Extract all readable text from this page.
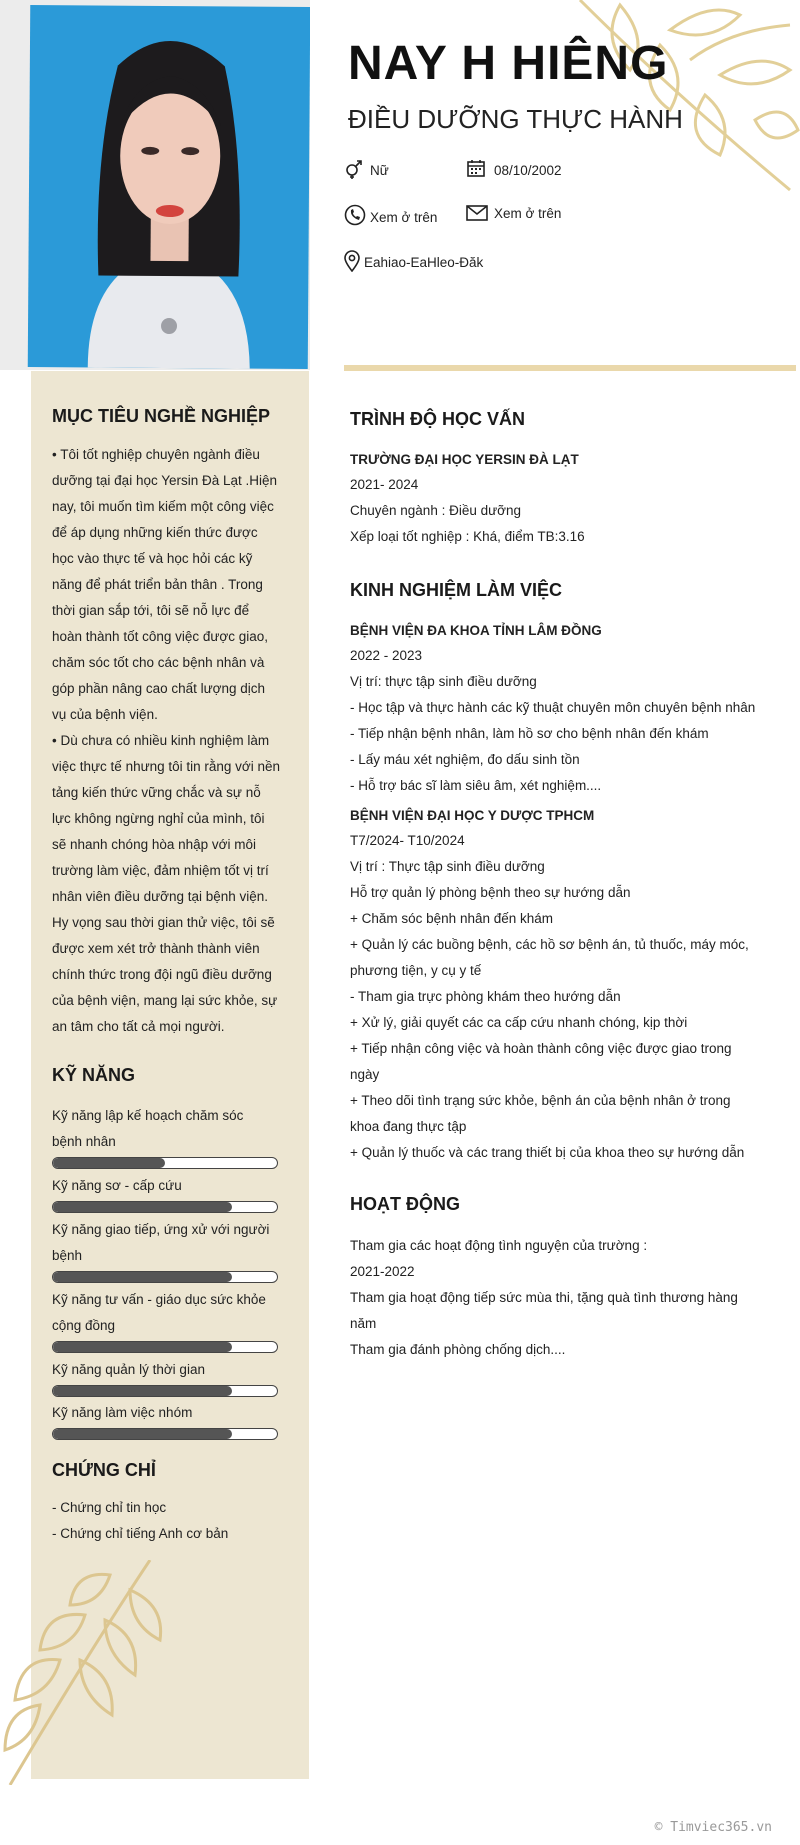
NAY H HIÊNG
ĐIỀU DƯỠNG THỰC HÀNH
Nữ	08/10/2002
Xem ở trên	Xem ở trên
Eahiao-EaHleo-Đăk
MỤC TIÊU NGHỀ NGHIỆP
• Tôi tốt nghiệp chuyên ngành điều
dưỡng tại đại học Yersin Đà Lạt .Hiện
nay, tôi muốn tìm kiếm một công việc
để áp dụng những kiến thức được
học vào thực tế và học hỏi các kỹ
năng để phát triển bản thân . Trong
thời gian sắp tới, tôi sẽ nỗ lực để
hoàn thành tốt công việc được giao,
chăm sóc tốt cho các bệnh nhân và
góp phần nâng cao chất lượng dịch
vụ của bệnh viện.
• Dù chưa có nhiều kinh nghiệm làm
việc thực tế nhưng tôi tin rằng với nền
tảng kiến thức vững chắc và sự nỗ
lực không ngừng nghỉ của mình, tôi
sẽ nhanh chóng hòa nhập với môi
trường làm việc, đảm nhiệm tốt vị trí
nhân viên điều dưỡng tại bệnh viện.
Hy vọng sau thời gian thử việc, tôi sẽ
được xem xét trở thành thành viên
chính thức trong đội ngũ điều dưỡng
của bệnh viện, mang lại sức khỏe, sự
an tâm cho tất cả mọi người.
KỸ NĂNG
Kỹ năng lập kế hoạch chăm sóc
bệnh nhân
Kỹ năng sơ - cấp cứu
Kỹ năng giao tiếp, ứng xử với người
bệnh
Kỹ năng tư vấn - giáo dục sức khỏe
cộng đồng
Kỹ năng quản lý thời gian
Kỹ năng làm việc nhóm
CHỨNG CHỈ
- Chứng chỉ tin học
- Chứng chỉ tiếng Anh cơ bản
TRÌNH ĐỘ HỌC VẤN
TRƯỜNG ĐẠI HỌC YERSIN ĐÀ LẠT
2021- 2024
Chuyên ngành : Điều dưỡng
Xếp loại tốt nghiệp : Khá, điểm TB:3.16
KINH NGHIỆM LÀM VIỆC
BỆNH VIỆN ĐA KHOA TỈNH LÂM ĐỒNG
2022 - 2023
Vị trí: thực tập sinh điều dưỡng
- Học tập và thực hành các kỹ thuật chuyên môn chuyên bệnh nhân
- Tiếp nhận bệnh nhân, làm hồ sơ cho bệnh nhân đến khám
- Lấy máu xét nghiệm, đo dấu sinh tồn
- Hỗ trợ bác sĩ làm siêu âm, xét nghiệm....
BỆNH VIỆN ĐẠI HỌC Y DƯỢC TPHCM
T7/2024- T10/2024
Vị trí : Thực tập sinh điều dưỡng
Hỗ trợ quản lý phòng bệnh theo sự hướng dẫn
+ Chăm sóc bệnh nhân đến khám
+ Quản lý các buồng bệnh, các hồ sơ bệnh án, tủ thuốc, máy móc,
phương tiện, y cụ y tế
- Tham gia trực phòng khám theo hướng dẫn
+ Xử lý, giải quyết các ca cấp cứu nhanh chóng, kịp thời
+ Tiếp nhận công việc và hoàn thành công việc được giao trong
ngày
+ Theo dõi tình trạng sức khỏe, bệnh án của bệnh nhân ở trong
khoa đang thực tập
+ Quản lý thuốc và các trang thiết bị của khoa theo sự hướng dẫn
HOẠT ĐỘNG
Tham gia các hoạt động tình nguyện của trường :
2021-2022
Tham gia hoạt động tiếp sức mùa thi, tặng quà tình thương hàng
năm
Tham gia đánh phòng chống dịch....
© Timviec365.vn
